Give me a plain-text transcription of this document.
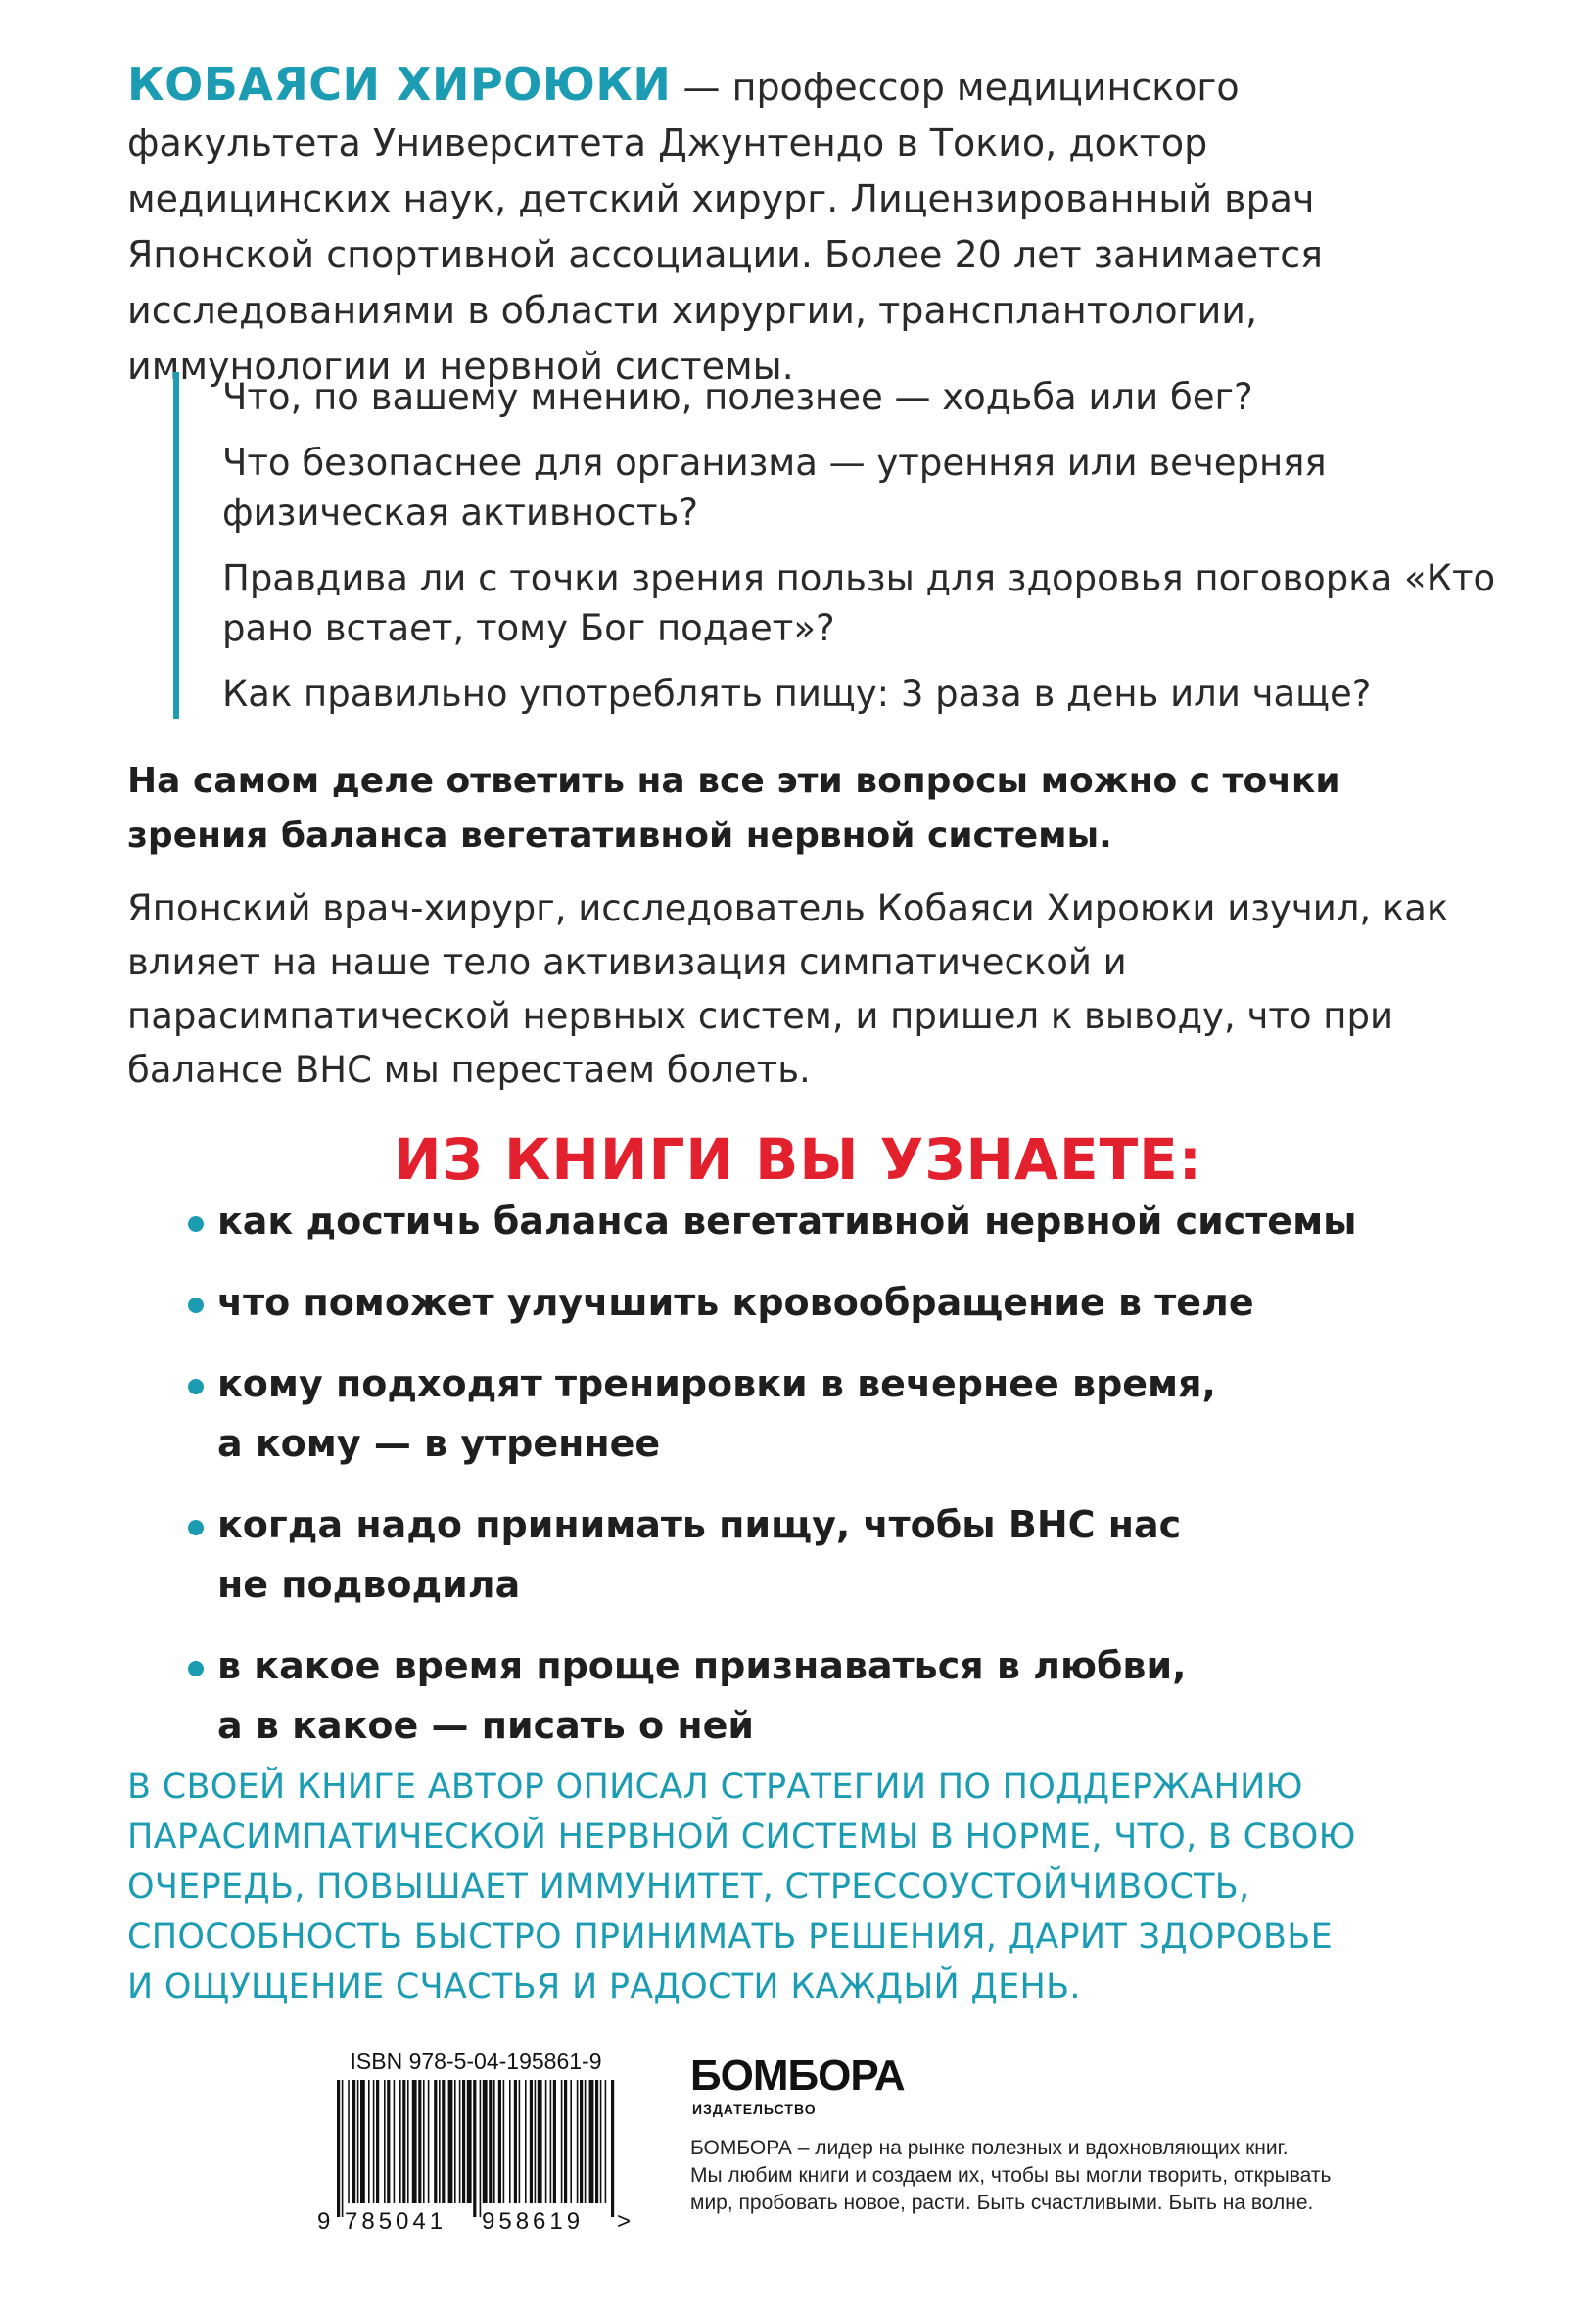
КОБАЯСИ ХИРОЮКИ — профессор медицинского факультета Университета Джунтендо в Токио, доктор медицинских наук, детский хирург. Лицензированный врач Японской спортивной ассоциации. Более 20 лет занимается исследованиями в области хирургии, трансплантологии, иммунологии и нервной системы.

Что, по вашему мнению, полезнее — ходьба или бег?

Что безопаснее для организма — утренняя или вечерняя физическая активность?

Правдива ли с точки зрения пользы для здоровья поговорка «Кто рано встает, тому Бог подает»?

Как правильно употреблять пищу: 3 раза в день или чаще?

На самом деле ответить на все эти вопросы можно с точки зрения баланса вегетативной нервной системы.

Японский врач-хирург, исследователь Кобаяси Хироюки изучил, как влияет на наше тело активизация симпатической и парасимпатической нервных систем, и пришел к выводу, что при балансе ВНС мы перестаем болеть.

ИЗ КНИГИ ВЫ УЗНАЕТЕ:
как достичь баланса вегетативной нервной системы
что поможет улучшить кровообращение в теле
кому подходят тренировки в вечернее время,
а кому — в утреннее
когда надо принимать пищу, чтобы ВНС нас
не подводила
в какое время проще признаваться в любви,
а в какое — писать о ней

В СВОЕЙ КНИГЕ АВТОР ОПИСАЛ СТРАТЕГИИ ПО ПОДДЕРЖАНИЮ
ПАРАСИМПАТИЧЕСКОЙ НЕРВНОЙ СИСТЕМЫ В НОРМЕ, ЧТО, В СВОЮ
ОЧЕРЕДЬ, ПОВЫШАЕТ ИММУНИТЕТ, СТРЕССОУСТОЙЧИВОСТЬ,
СПОСОБНОСТЬ БЫСТРО ПРИНИМАТЬ РЕШЕНИЯ, ДАРИТ ЗДОРОВЬЕ
И ОЩУЩЕНИЕ СЧАСТЬЯ И РАДОСТИ КАЖДЫЙ ДЕНЬ.

ISBN 978-5-04-195861-9

9 785041 958619 >

БОМБОРА

ИЗДАТЕЛЬСТВО

БОМБОРА – лидер на рынке полезных и вдохновляющих книг.
Мы любим книги и создаем их, чтобы вы могли творить, открывать
мир, пробовать новое, расти. Быть счастливыми. Быть на волне.
